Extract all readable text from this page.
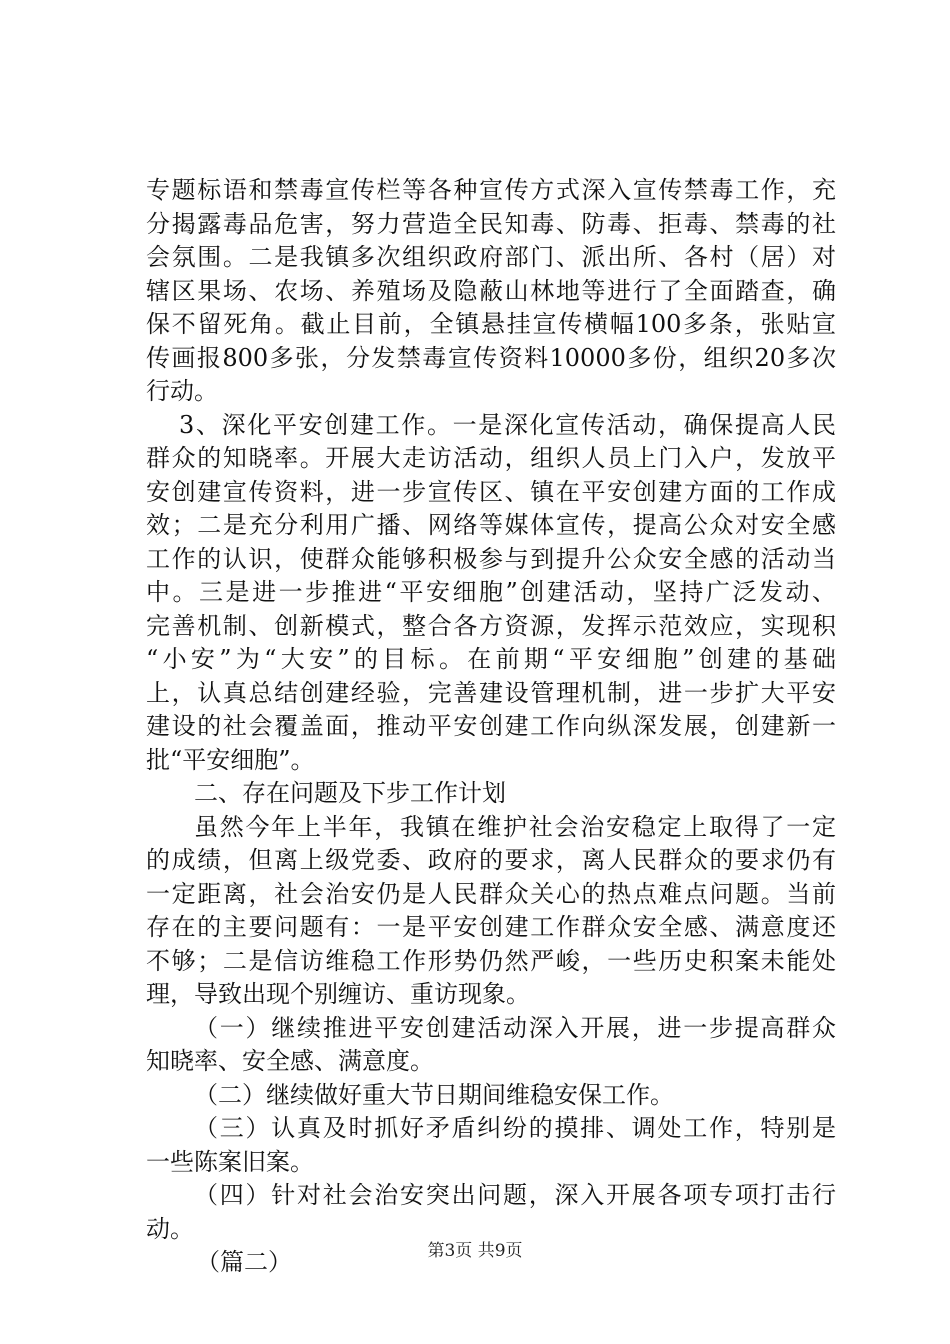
专题标语和禁毒宣传栏等各种宣传方式深入宣传禁毒工作，充
分揭露毒品危害，努力营造全民知毒、防毒、拒毒、禁毒的社
会氛围。二是我镇多次组织政府部门、派出所、各村（居）对
辖区果场、农场、养殖场及隐蔽山林地等进行了全面踏查，确
保不留死角。截止目前，全镇悬挂宣传横幅100多条，张贴宣
传画报800多张，分发禁毒宣传资料10000多份，组织20多次
行动。
3、深化平安创建工作。一是深化宣传活动，确保提高人民
群众的知晓率。开展大走访活动，组织人员上门入户，发放平
安创建宣传资料，进一步宣传区、镇在平安创建方面的工作成
效；二是充分利用广播、网络等媒体宣传，提高公众对安全感
工作的认识，使群众能够积极参与到提升公众安全感的活动当
中。三是进一步推进“平安细胞”创建活动，坚持广泛发动、
完善机制、创新模式，整合各方资源，发挥示范效应，实现积
“小安”为“大安”的目标。在前期“平安细胞”创建的基础
上，认真总结创建经验，完善建设管理机制，进一步扩大平安
建设的社会覆盖面，推动平安创建工作向纵深发展，创建新一
批“平安细胞”。
二、存在问题及下步工作计划
虽然今年上半年，我镇在维护社会治安稳定上取得了一定
的成绩，但离上级党委、政府的要求，离人民群众的要求仍有
一定距离，社会治安仍是人民群众关心的热点难点问题。当前
存在的主要问题有：一是平安创建工作群众安全感、满意度还
不够；二是信访维稳工作形势仍然严峻，一些历史积案未能处
理，导致出现个别缠访、重访现象。
（一）继续推进平安创建活动深入开展，进一步提高群众
知晓率、安全感、满意度。
（二）继续做好重大节日期间维稳安保工作。
（三）认真及时抓好矛盾纠纷的摸排、调处工作，特别是
一些陈案旧案。
（四）针对社会治安突出问题，深入开展各项专项打击行
动。
（篇二）	第3页 共9页
